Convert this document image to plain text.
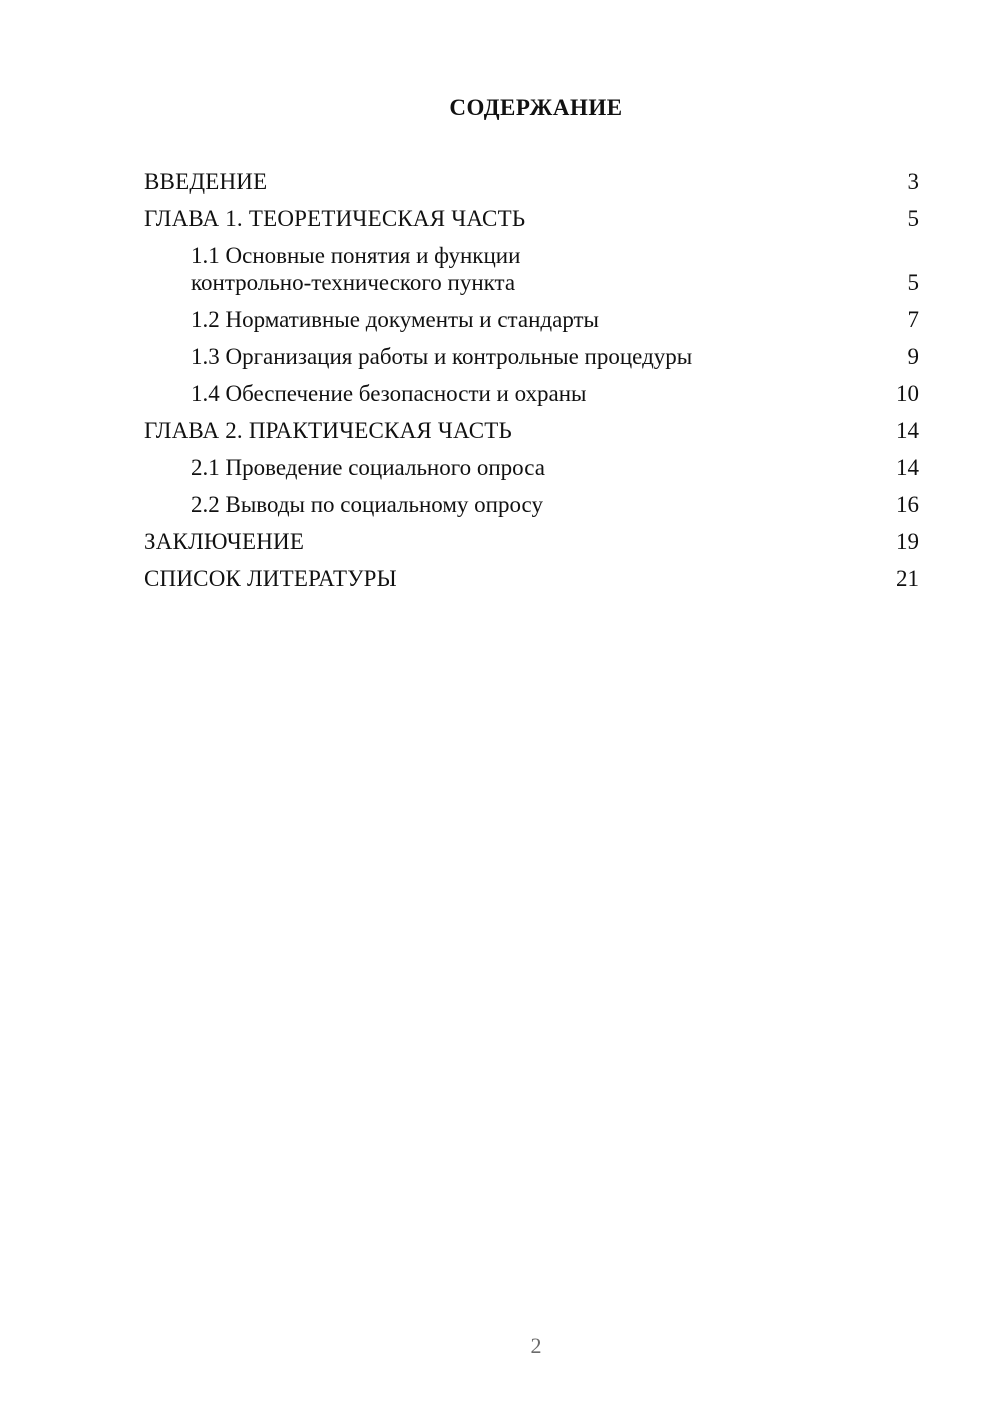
СОДЕРЖАНИЕ
ВВЕДЕНИЕ	3
ГЛАВА 1. ТЕОРЕТИЧЕСКАЯ ЧАСТЬ	5
1.1 Основные понятия и функции
контрольно-технического пункта	5
1.2 Нормативные документы и стандарты	7
1.3 Организация работы и контрольные процедуры	9
1.4 Обеспечение безопасности и охраны	10
ГЛАВА 2. ПРАКТИЧЕСКАЯ ЧАСТЬ	14
2.1 Проведение социального опроса	14
2.2 Выводы по социальному опросу	16
ЗАКЛЮЧЕНИЕ	19
СПИСОК ЛИТЕРАТУРЫ	21
2
